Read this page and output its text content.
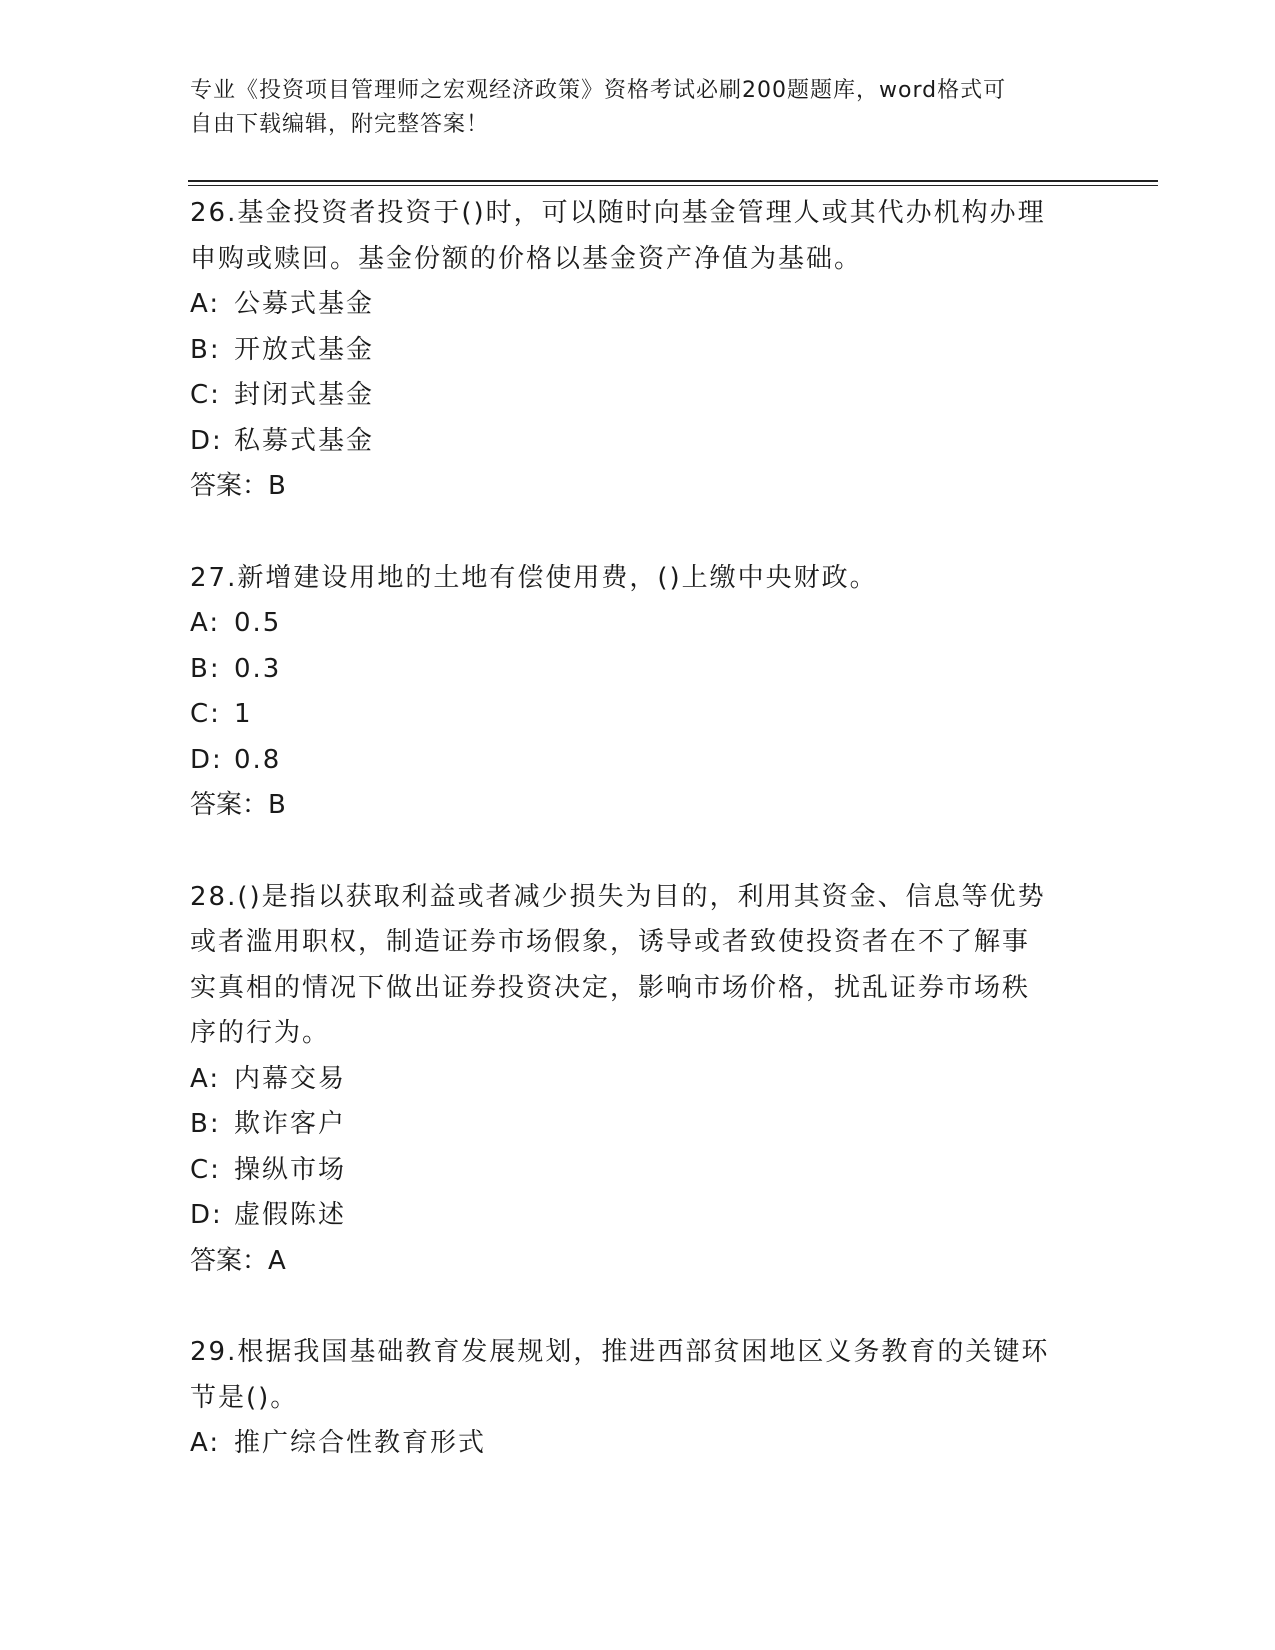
专业《投资项目管理师之宏观经济政策》资格考试必刷200题题库，word格式可
自由下载编辑，附完整答案！
26.基金投资者投资于()时，可以随时向基金管理人或其代办机构办理
申购或赎回。基金份额的价格以基金资产净值为基础。
A: 公募式基金
B: 开放式基金
C: 封闭式基金
D: 私募式基金
答案：B
27.新增建设用地的土地有偿使用费，()上缴中央财政。
A: 0.5
B: 0.3
C: 1
D: 0.8
答案：B
28.()是指以获取利益或者减少损失为目的，利用其资金、信息等优势
或者滥用职权，制造证券市场假象，诱导或者致使投资者在不了解事
实真相的情况下做出证券投资决定，影响市场价格，扰乱证券市场秩
序的行为。
A: 内幕交易
B: 欺诈客户
C: 操纵市场
D: 虚假陈述
答案：A
29.根据我国基础教育发展规划，推进西部贫困地区义务教育的关键环
节是()。
A: 推广综合性教育形式
